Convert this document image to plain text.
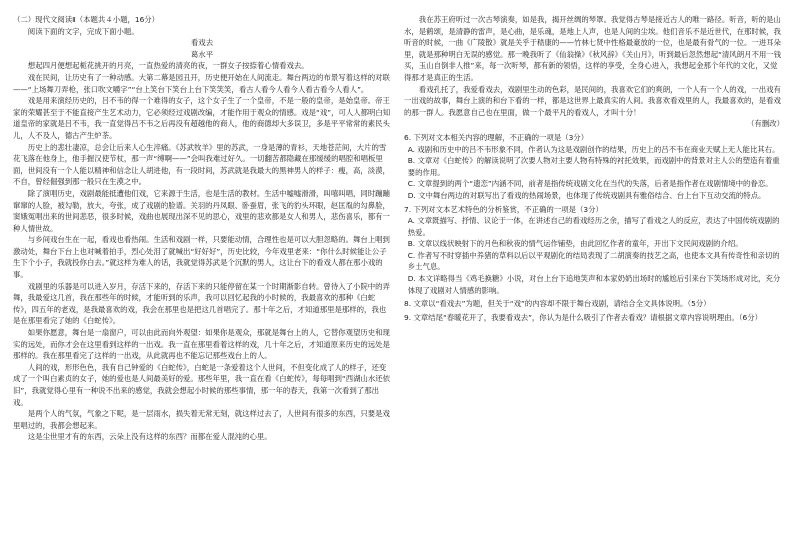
（二）现代文阅读Ⅱ（本题共４小题，16分）

阅读下面的文字，完成下面小题。

看戏去

葛水平

想起四月便想起栀花挑开的月亮，一直热爱的清亮的夜，一群女子按捺着心情看戏去。

戏在民间，让历史有了一种动感。大第二幕是园丑开，历史便开始在人间流走。舞台两边的布景写着这样的对联——“上场舞刀弄枪，张口吹文嚼字”“台上笑台下笑台上台下笑笑笑，看古人看今人看今人看古看今人看人”。

戏是用来演经历史的，吕不韦的得一个难得的女子，这个女子生了一个皇帝，不是一般的皇帝，是始皇帝。帝王家的荣耀甚至于不能直接产生艺术动力，它必须经过戏剧改编，才能作用于观众的情感。戏是“戏”，可人人都明白知道皇帝的家就是吕不韦，我一直觉得吕不韦之后再没有超越他的商人，他的商德却大多误卫，多是平平常常的素民头儿，人不及人，德古产生炉茶。

历史上的悲壮凄凉，总会让后来人心生淬痛。《苏武牧羊》里的苏武，一身是薄的青衫，天地苍茫间，大片的雪花飞落在他身上，他手握汉使节杖，那一声“缚啊——”会叫我难过好久。一切翻苦都隐藏在那缓缓的唱腔和唱板里面，世间没有一个人能以精神和信念让人胡进他，有一段时间，苏武就是我最大的黑神男人的样子：瘦，高，淡漠，不自，曾经倔强到那一般只在生漠之中。

除了演唱历史，戏剧最能抵遭他们戏，它来源于生活，也是生活的教材。生活中嘘嘘滑滑，叫嘻叫唱，同时蹦蹦窜窜的人脸，被勾勒，放大，夸张，成了戏剧的脸谱。关羽的丹凤眼、卧蚕眉，张飞的豹头环眼，赵匡胤的勾鼻脸，窦娥冤唱出来的世间悲恶，很多时候，戏曲也展现出深不见的思心，戏里的悲欢都是女人和男人，悲伤喜乐，都有一种人情世故。

与乡间戏台生在一起，看戏也看热闹。生活和戏剧一样，只要能动情，合理性也是可以大胆忽略的。舞台上唱到激动处，舞台下台上也对喊着拍手，烈心处泪了就喊出“好好好”，历史比较，今年戏里老来：“你什么时候能让公子生下个小子，我就投你白去。”就这样为难人的话，我就觉得苏武是个沉默的男人，这让台下的看戏人都在那小戏的事。

戏剧里的乐器是可以进入岁月，存活下来的，存活下来的只能停留在某一个时期渐影自转。曾待入了小院中的弄舞，我最爱这几首，我在那些年的时候，才能听到的乐声，我可以回忆起我的小时候的，我最喜欢的那种《白蛇传》，四五年的老戏，是我最喜欢的戏，我会在那里也是把这几首唱完了。那十年之后，才知道那里是那样的，我也是在那里看完了她的《白蛇传》。

如果你愿意，舞台是一扇窗户，可以由此而向外观望：如果你是观众，那就是舞台上的人，它替你观望历史和现实的远处，而你才会在这里看到这样的一出戏。我一直在那里看着这样的戏，几十年之后，才知道原来历史的远处是那样的。我在那里看完了这样的一出戏，从此就再也不能忘记那些戏台上的人。

人间的戏，形形色色，我有自己钟爱的《白蛇传》，白蛇是一条爱着这个人世间，不但变化成了人的样子，还变成了一个叫白素贞的女子，她的爱也是人间最美好的爱。那些年里，我一直在看《白蛇传》，每每唱到“西湖山水还依旧”，我就觉得心里有一种说不出来的感觉，我就会想起小时候的那些事情，那一年的春天，我第一次看到了那出戏。

是两个人的气氛，气象之下呢，是一层雨水，损失着无常无刻，就这样过去了，人世间有很多的东西，只要是戏里唱过的，我都会想起来。

这是尘世里才有的东西，云朵上没有这样的东西？而都在爱人混沌的心里。

我在苏王府听过一次古琴演奏，如是我，揭开丝绸的琴罩。我觉得古琴是接近古人的唯一路径。听音，听的是山水，是鹤颂，是清静的雷声，是心曲，是乐魂，是地上人声，也是人间的尘埃。他们音乐不是近世代，在那时候，我听音的时候，一曲《广陵散》就是关乎于嵇康的——竹林七贤中性格最豪放的一位，也是最有骨气的一位。一进耳朵里，就是那种明白无误的感觉。那一晚我听了《仙翁操》《秋风辞》《关山月》，听到最后忽然想起“清风朗月不用一钱买，玉山自倒非人推”来，每一次听琴，都有新的领悟，这样的享受，全身心进入，我想起金那个年代的文化，又觉得那才是真正的生活。

看戏孔托了，我爱看戏去，戏剧里生动的色彩，是民间的，我喜欢它们的爽朗，一个人有一个人的戏，一出戏有一出戏的故事，舞台上演的和台下看的一样，都是这世界上最真实的人间。我喜欢看戏里的人，我最喜欢的，是看戏的那一群人。我愿意自己也在里面，做一个最平凡的看戏人，才叫十分！

（有删改）

6. 下列对文本相关内容的理解，不正确的一项是（3分）

A. 戏剧和历史中的吕不韦形象不同，作者认为这是戏剧创作的结果，历史上的吕不韦在商业天赋上无人能比其右。

B. 文章对《白蛇传》的解读说明了次要人物对主要人物有特殊的衬托效果，而戏剧中的背景对主人公的塑造有着重要的作用。

C. 文章提到的两个“遗恋”内涵不同，前者是指传统戏剧文化在当代的失落，后者是指作者在戏剧情境中的眷恋。

D. 文中舞台两边的对联写出了看戏的热闹场景，也体现了传统戏剧具有雅俗结合、台上台下互动交流的特点。

7. 下列对文本艺术特色的分析鉴赏，不正确的一项是（3分）

A. 文章既描写、抒情、议论于一体，在讲述自己的看戏经历之余，描写了看戏之人的反应，表达了中国传统戏剧的热爱。

B. 文章以线状映射下的月色和秋夜的情气运作铺垫，由此回忆作者的童年，开出下文民间戏剧的介绍。

C. 作者写不时穿插中养猪的草料以后以平观剧化的结局表现了二胡演奏的技艺之高，也使本文具有传奇性和亲切的乡土气息。

D. 本文详略得当《鸡毛换糖》小说，对台上台下追地笑声和本家奶奶出场时的尴尬后引来台下笑场形成对比，充分体现了戏剧对人情感的影响。

8. 文章以“看戏去”为题，但关于“戏”的内容却不限于舞台戏剧，请结合全文具体说明。（5分）

9. 文章结尾“春暖花开了，我要看戏去”，你认为是什么吸引了作者去看戏？请根据文章内容说明理由。（6分）
